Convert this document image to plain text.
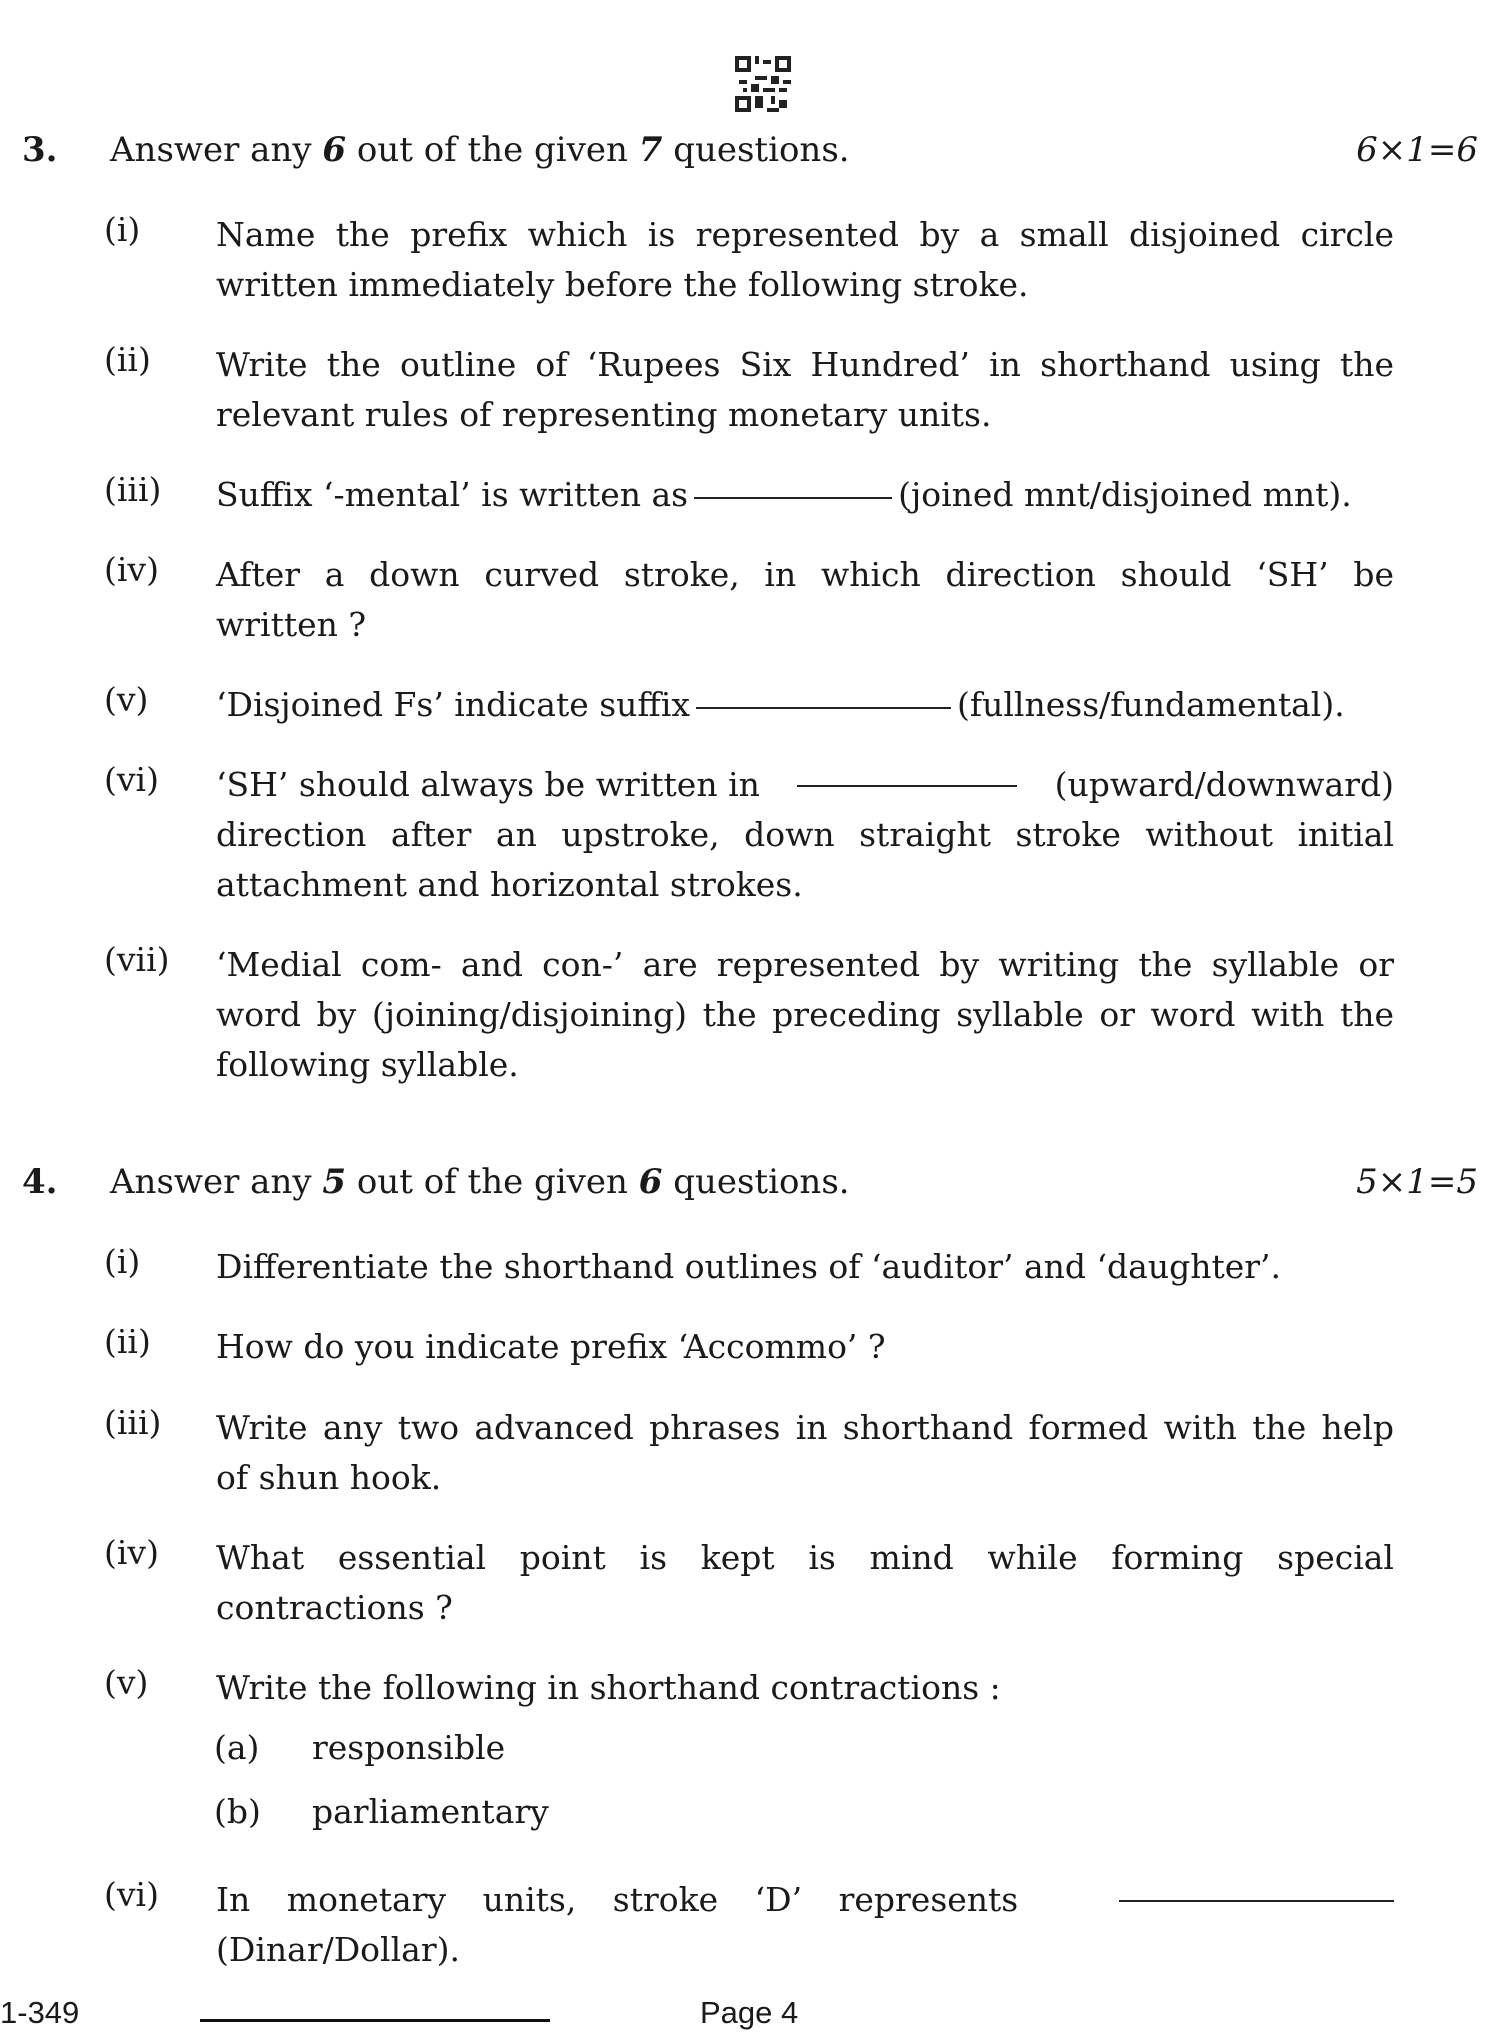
3. Answer any 6 out of the given 7 questions.	6×1=6
(i) Name the prefix which is represented by a small disjoined circle
written immediately before the following stroke.
(ii) Write the outline of ‘Rupees Six Hundred’ in shorthand using the
relevant rules of representing monetary units.
(iii) Suffix ‘-mental’ is written as	(joined mnt/disjoined mnt).
(iv) After a down curved stroke, in which direction should ‘SH’ be
written ?
(v) ‘Disjoined Fs’ indicate suffix	(fullness/fundamental).
(vi) ‘SH’ should always be written in	(upward/downward)
direction after an upstroke, down straight stroke without initial
attachment and horizontal strokes.
(vii) ‘Medial com- and con-’ are represented by writing the syllable or
word by (joining/disjoining) the preceding syllable or word with the
following syllable.
4. Answer any 5 out of the given 6 questions.	5×1=5
(i) Differentiate the shorthand outlines of ‘auditor’ and ‘daughter’.
(ii) How do you indicate prefix ‘Accommo’ ?
(iii) Write any two advanced phrases in shorthand formed with the help
of shun hook.
(iv) What essential point is kept is mind while forming special
contractions ?
(v) Write the following in shorthand contractions :
(a) responsible
(b) parliamentary
(vi) In monetary units, stroke ‘D’ represents
(Dinar/Dollar).
1-349	Page 4
